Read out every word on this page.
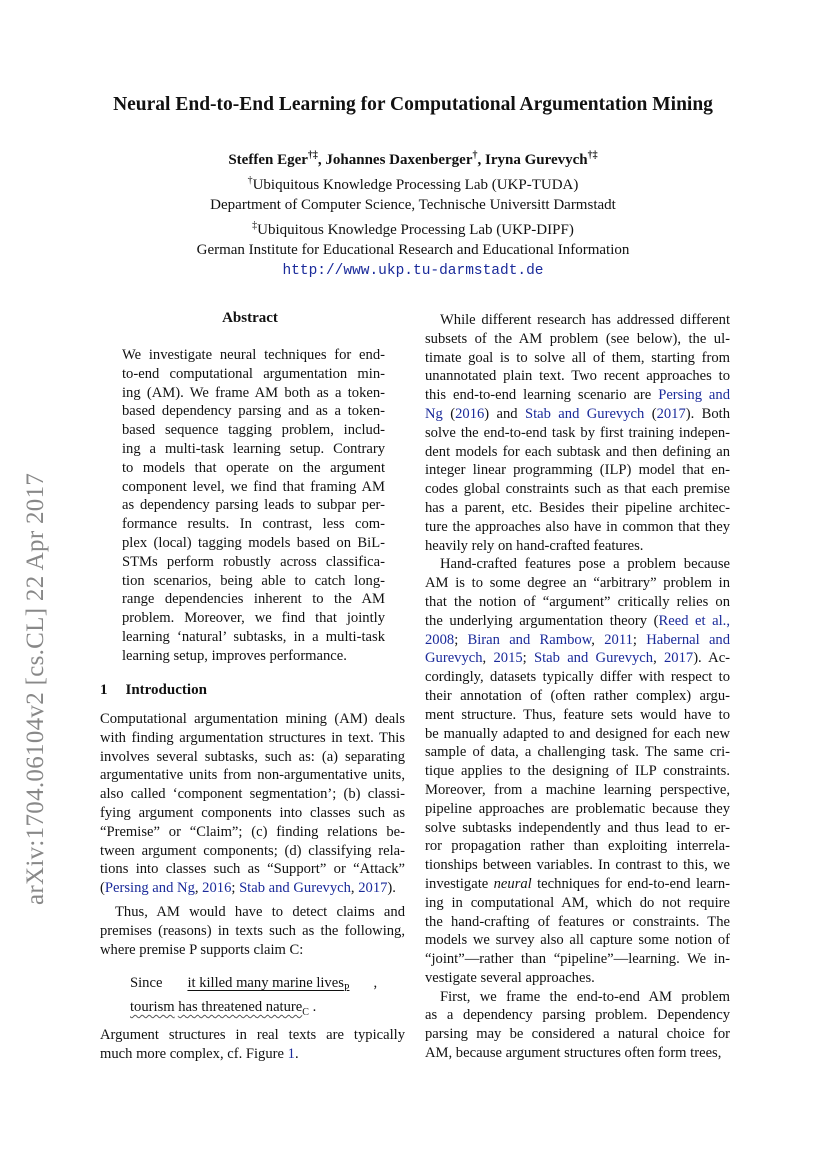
arXiv:1704.06104v2 [cs.CL] 22 Apr 2017
Neural End-to-End Learning for Computational Argumentation Mining
Steffen Eger†‡, Johannes Daxenberger†, Iryna Gurevych†‡
†Ubiquitous Knowledge Processing Lab (UKP-TUDA)
Department of Computer Science, Technische Universitt Darmstadt
‡Ubiquitous Knowledge Processing Lab (UKP-DIPF)
German Institute for Educational Research and Educational Information
http://www.ukp.tu-darmstadt.de
Abstract
We investigate neural techniques for end-
to-end computational argumentation min-
ing (AM). We frame AM both as a token-
based dependency parsing and as a token-
based sequence tagging problem, includ-
ing a multi-task learning setup. Contrary
to models that operate on the argument
component level, we find that framing AM
as dependency parsing leads to subpar per-
formance results. In contrast, less com-
plex (local) tagging models based on BiL-
STMs perform robustly across classifica-
tion scenarios, being able to catch long-
range dependencies inherent to the AM
problem. Moreover, we find that jointly
learning ‘natural’ subtasks, in a multi-task
learning setup, improves performance.
1 Introduction
Computational argumentation mining (AM) deals
with finding argumentation structures in text. This
involves several subtasks, such as: (a) separating
argumentative units from non-argumentative units,
also called ‘component segmentation’; (b) classi-
fying argument components into classes such as
“Premise” or “Claim”; (c) finding relations be-
tween argument components; (d) classifying rela-
tions into classes such as “Support” or “Attack”
(Persing and Ng, 2016; Stab and Gurevych, 2017).
Thus, AM would have to detect claims and
premises (reasons) in texts such as the following,
where premise P supports claim C:
Since it killed many marine lives$_P$ ,
tourism has threatened nature$_C$ .
Argument structures in real texts are typically
much more complex, cf. Figure 1.
While different research has addressed different
subsets of the AM problem (see below), the ul-
timate goal is to solve all of them, starting from
unannotated plain text. Two recent approaches to
this end-to-end learning scenario are Persing and
Ng (2016) and Stab and Gurevych (2017). Both
solve the end-to-end task by first training indepen-
dent models for each subtask and then defining an
integer linear programming (ILP) model that en-
codes global constraints such as that each premise
has a parent, etc. Besides their pipeline architec-
ture the approaches also have in common that they
heavily rely on hand-crafted features.
Hand-crafted features pose a problem because
AM is to some degree an “arbitrary” problem in
that the notion of “argument” critically relies on
the underlying argumentation theory (Reed et al.,
2008; Biran and Rambow, 2011; Habernal and
Gurevych, 2015; Stab and Gurevych, 2017). Ac-
cordingly, datasets typically differ with respect to
their annotation of (often rather complex) argu-
ment structure. Thus, feature sets would have to
be manually adapted to and designed for each new
sample of data, a challenging task. The same cri-
tique applies to the designing of ILP constraints.
Moreover, from a machine learning perspective,
pipeline approaches are problematic because they
solve subtasks independently and thus lead to er-
ror propagation rather than exploiting interrela-
tionships between variables. In contrast to this, we
investigate neural techniques for end-to-end learn-
ing in computational AM, which do not require
the hand-crafting of features or constraints. The
models we survey also all capture some notion of
“joint”—rather than “pipeline”—learning. We in-
vestigate several approaches.
First, we frame the end-to-end AM problem
as a dependency parsing problem. Dependency
parsing may be considered a natural choice for
AM, because argument structures often form trees,
